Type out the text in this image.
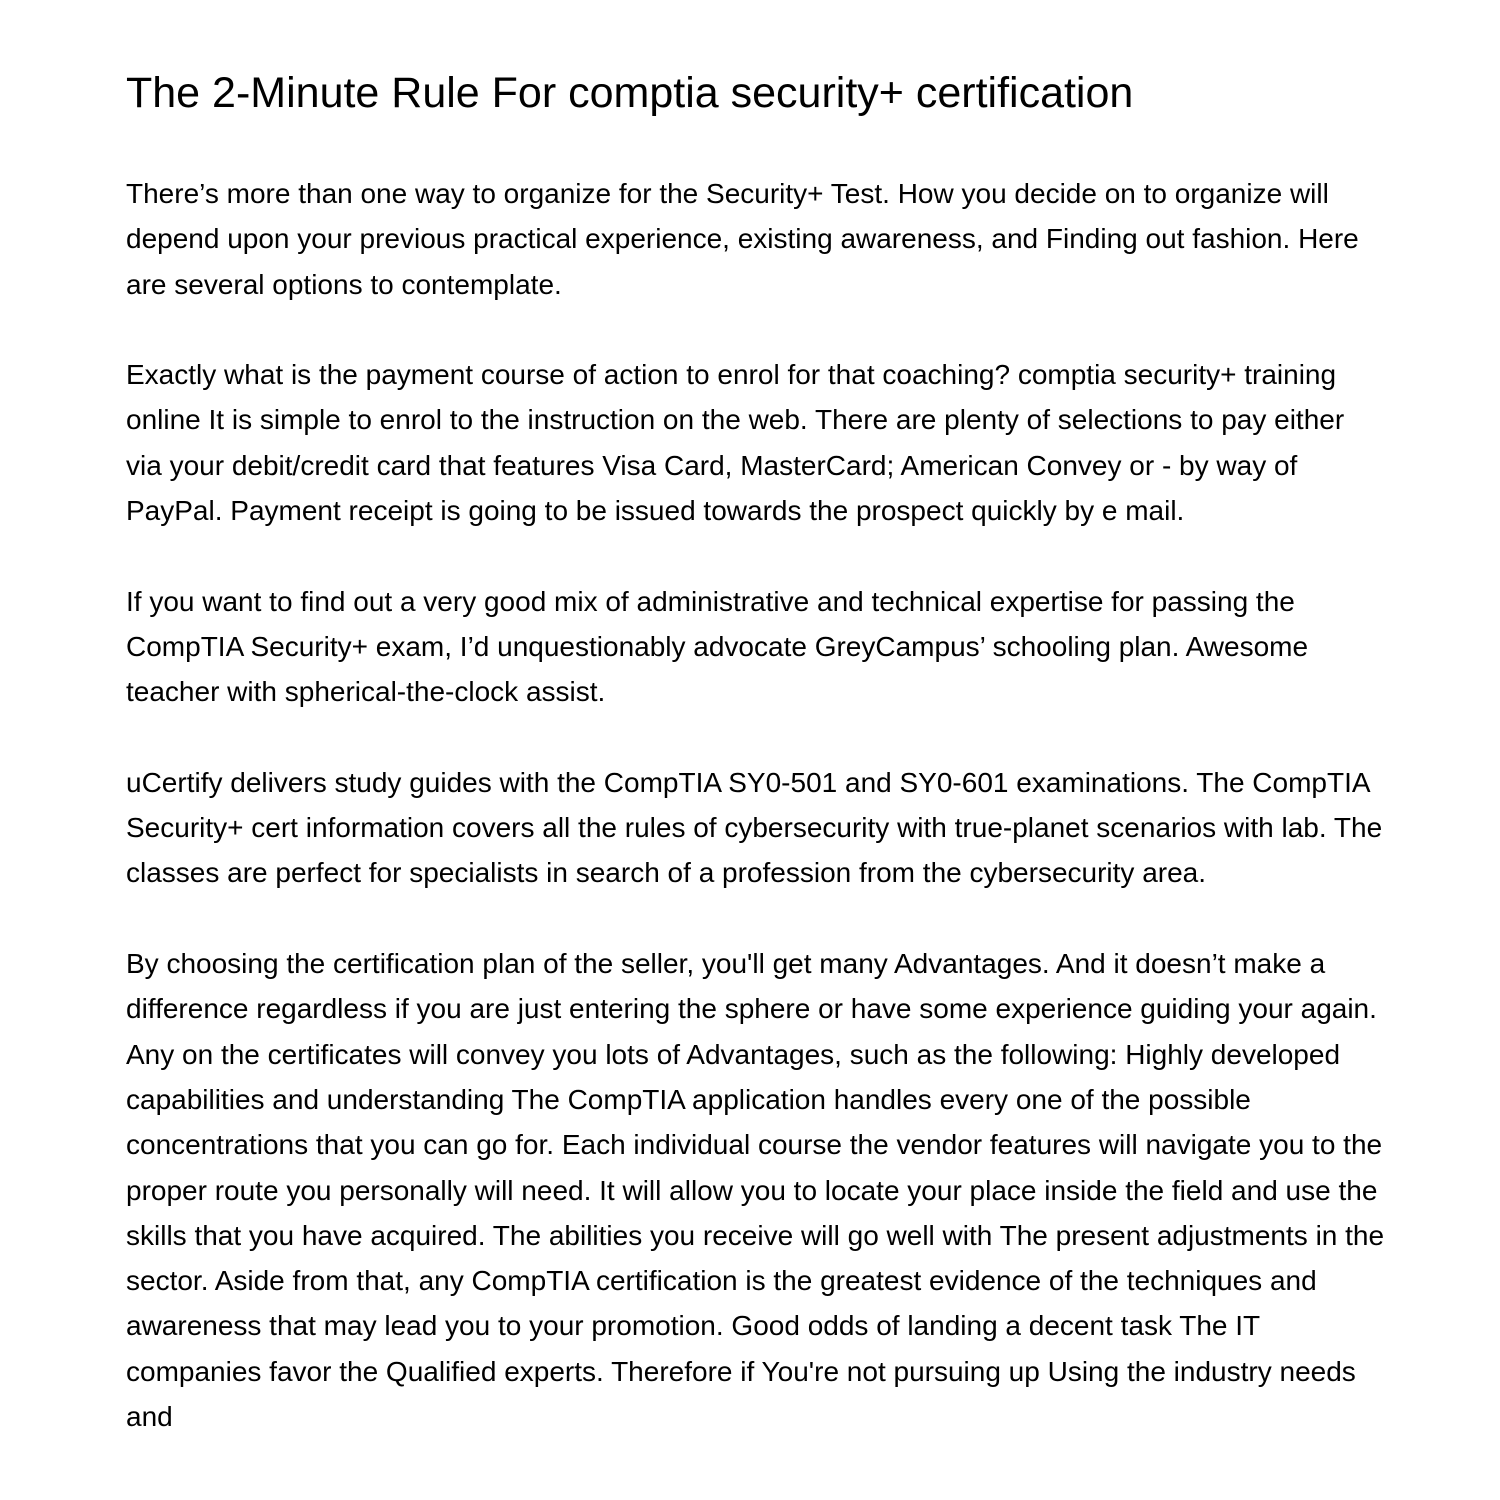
The 2-Minute Rule For comptia security+ certification

There’s more than one way to organize for the Security+ Test. How you decide on to organize will depend upon your previous practical experience, existing awareness, and Finding out fashion. Here are several options to contemplate.

Exactly what is the payment course of action to enrol for that coaching? comptia security+ training online It is simple to enrol to the instruction on the web. There are plenty of selections to pay either via your debit/credit card that features Visa Card, MasterCard; American Convey or - by way of PayPal. Payment receipt is going to be issued towards the prospect quickly by e mail.

If you want to find out a very good mix of administrative and technical expertise for passing the CompTIA Security+ exam, I’d unquestionably advocate GreyCampus’ schooling plan. Awesome teacher with spherical-the-clock assist.

uCertify delivers study guides with the CompTIA SY0-501 and SY0-601 examinations. The CompTIA Security+ cert information covers all the rules of cybersecurity with true-planet scenarios with lab. The classes are perfect for specialists in search of a profession from the cybersecurity area.

By choosing the certification plan of the seller, you'll get many Advantages. And it doesn’t make a difference regardless if you are just entering the sphere or have some experience guiding your again. Any on the certificates will convey you lots of Advantages, such as the following: Highly developed capabilities and understanding The CompTIA application handles every one of the possible concentrations that you can go for. Each individual course the vendor features will navigate you to the proper route you personally will need. It will allow you to locate your place inside the field and use the skills that you have acquired. The abilities you receive will go well with The present adjustments in the sector. Aside from that, any CompTIA certification is the greatest evidence of the techniques and awareness that may lead you to your promotion. Good odds of landing a decent task The IT companies favor the Qualified experts. Therefore if You're not pursuing up Using the industry needs and
